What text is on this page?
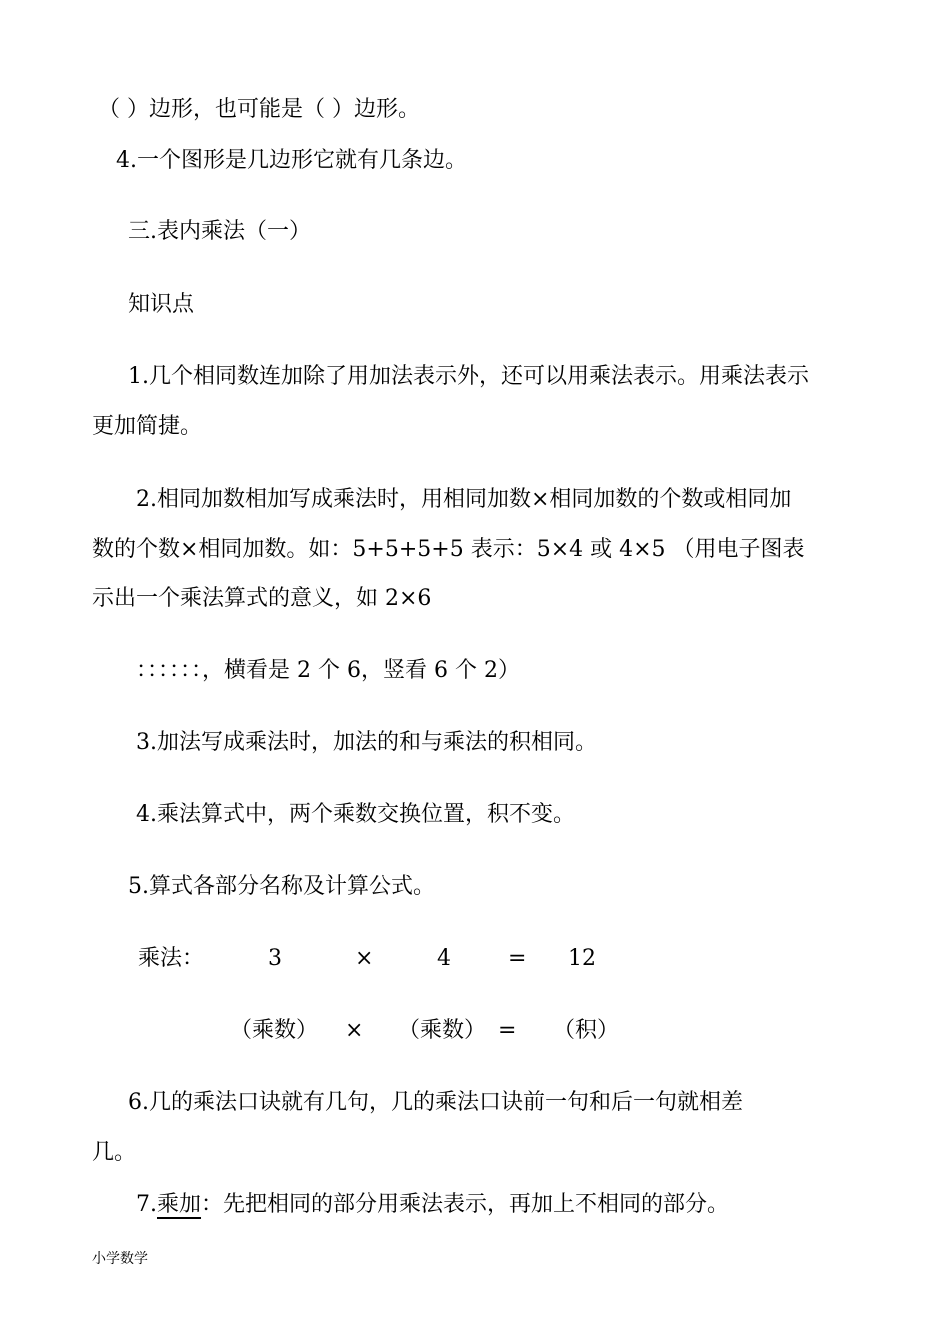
（ ）边形，也可能是（ ）边形。
4.一个图形是几边形它就有几条边。
三.表内乘法（一）
知识点
1.几个相同数连加除了用加法表示外，还可以用乘法表示。用乘法表示
更加简捷。
2.相同加数相加写成乘法时，用相同加数×相同加数的个数或相同加
数的个数×相同加数。如：5+5+5+5 表示：5×4 或 4×5 （用电子图表
示出一个乘法算式的意义，如 2×6
：：：：：：，横看是 2 个 6，竖看 6 个 2）
3.加法写成乘法时，加法的和与乘法的积相同。
4.乘法算式中，两个乘数交换位置，积不变。
5.算式各部分名称及计算公式。
乘法：	3	×	4	= 12
（乘数） × （乘数） = （积）
6.几的乘法口诀就有几句，几的乘法口诀前一句和后一句就相差
几。
7.乘加：先把相同的部分用乘法表示，再加上不相同的部分。
小学数学
